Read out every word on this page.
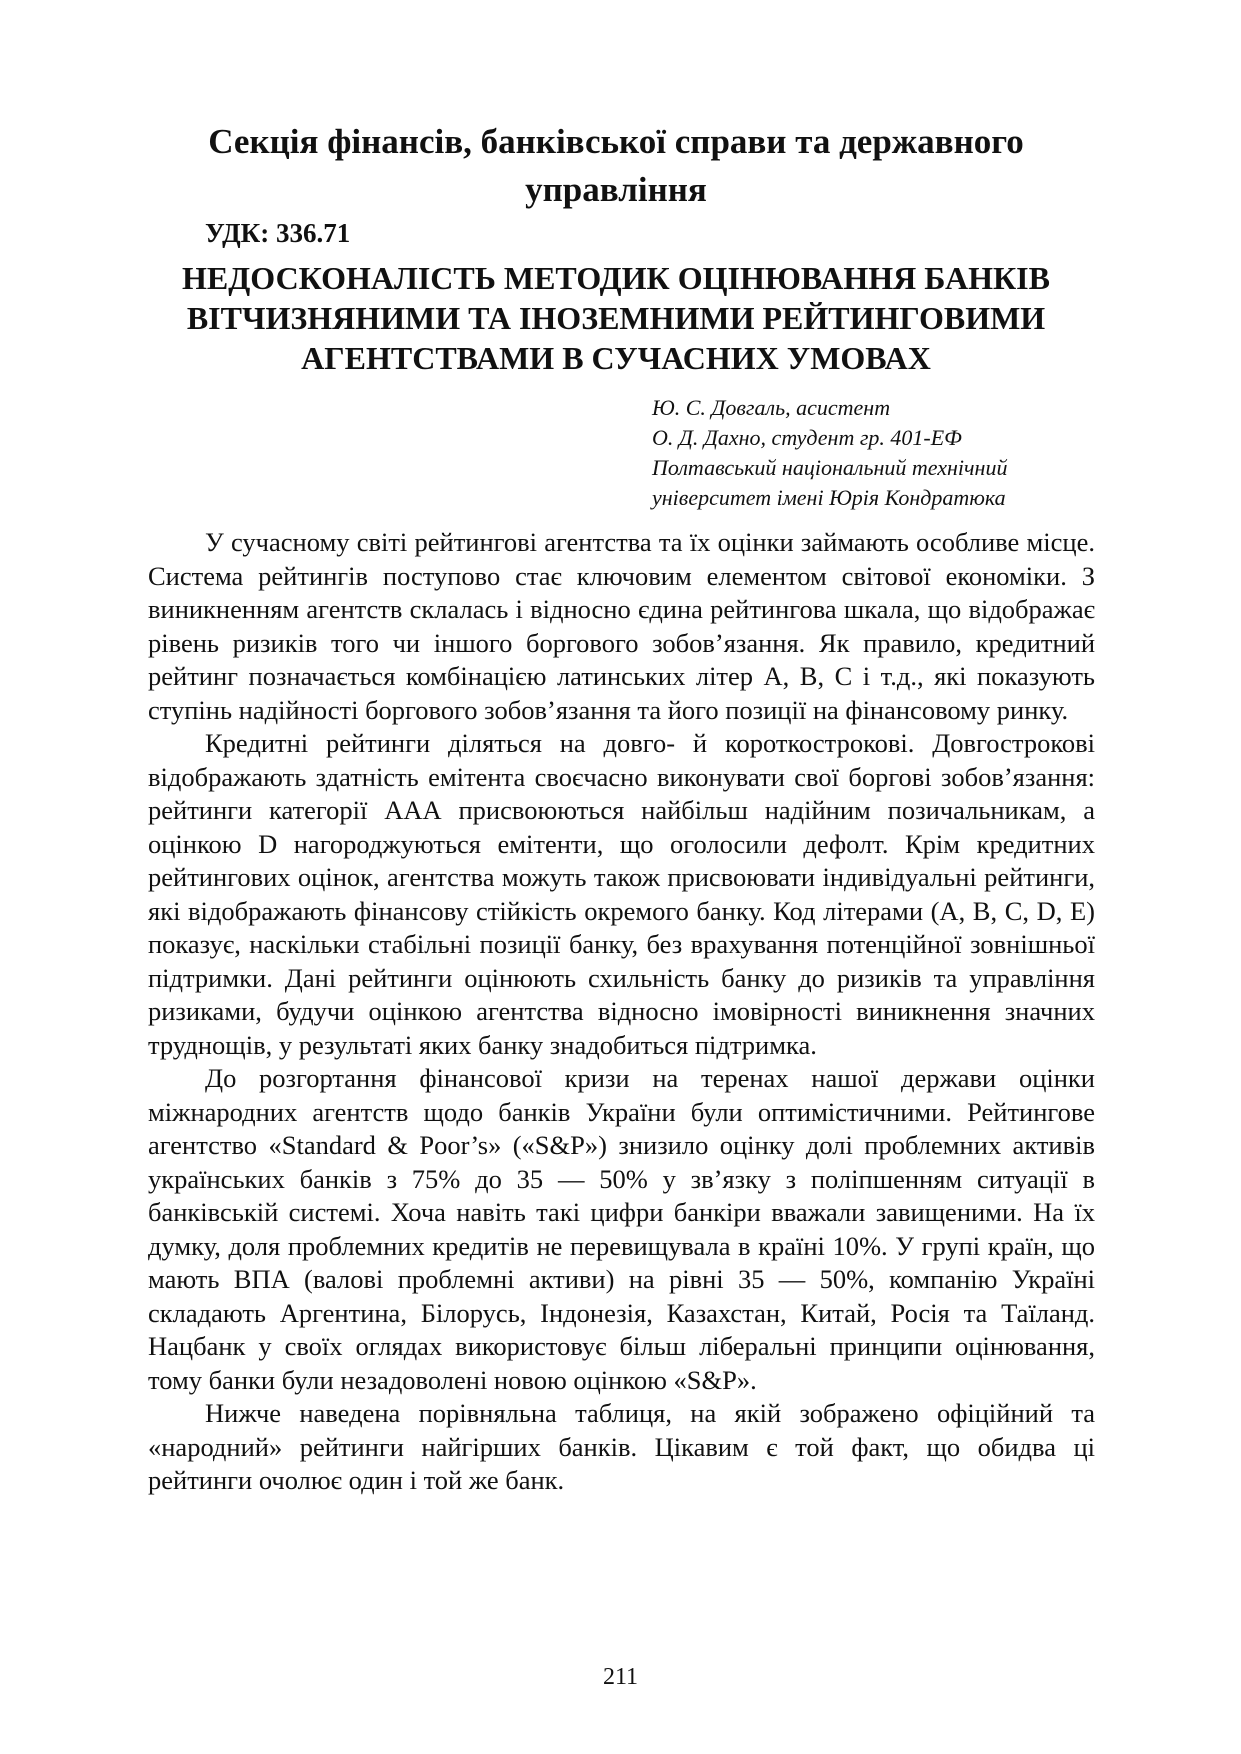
Секція фінансів, банківської справи та державного управління
УДК: 336.71
НЕДОСКОНАЛІСТЬ МЕТОДИК ОЦІНЮВАННЯ БАНКІВ ВІТЧИЗНЯНИМИ ТА ІНОЗЕМНИМИ РЕЙТИНГОВИМИ АГЕНТСТВАМИ В СУЧАСНИХ УМОВАХ
Ю. С. Довгаль, асистент
О. Д. Дахно, студент гр. 401-ЕФ
Полтавський національний технічний
університет імені Юрія Кондратюка

У сучасному світі рейтингові агентства та їх оцінки займають особливе місце. Система рейтингів поступово стає ключовим елементом світової економіки. З виникненням агентств склалась і відносно єдина рейтингова шкала, що відображає рівень ризиків того чи іншого боргового зобов’язання. Як правило, кредитний рейтинг позначається комбінацією латинських літер А, В, С і т.д., які показують ступінь надійності боргового зобов’язання та його позиції на фінансовому ринку.

Кредитні рейтинги діляться на довго- й короткострокові. Довгострокові відображають здатність емітента своєчасно виконувати свої боргові зобов’язання: рейтинги категорії ААА присвоюються найбільш надійним позичальникам, а оцінкою D нагороджуються емітенти, що оголосили дефолт. Крім кредитних рейтингових оцінок, агентства можуть також присвоювати індивідуальні рейтинги, які відображають фінансову стійкість окремого банку. Код літерами (А, В, С, D, Е) показує, наскільки стабільні позиції банку, без врахування потенційної зовнішньої підтримки. Дані рейтинги оцінюють схильність банку до ризиків та управління ризиками, будучи оцінкою агентства відносно імовірності виникнення значних труднощів, у результаті яких банку знадобиться підтримка.

До розгортання фінансової кризи на теренах нашої держави оцінки міжнародних агентств щодо банків України були оптимістичними. Рейтингове агентство «Standard & Poor’s» («S&P») знизило оцінку долі проблемних активів українських банків з 75% до 35 — 50% у зв’язку з поліпшенням ситуації в банківській системі. Хоча навіть такі цифри банкіри вважали завищеними. На їх думку, доля проблемних кредитів не перевищувала в країні 10%. У групі країн, що мають ВПА (валові проблемні активи) на рівні 35 — 50%, компанію Україні складають Аргентина, Білорусь, Індонезія, Казахстан, Китай, Росія та Таїланд. Нацбанк у своїх оглядах використовує більш ліберальні принципи оцінювання, тому банки були незадоволені новою оцінкою «S&P».

Нижче наведена порівняльна таблиця, на якій зображено офіційний та «народний» рейтинги найгірших банків. Цікавим є той факт, що обидва ці рейтинги очолює один і той же банк.

211
